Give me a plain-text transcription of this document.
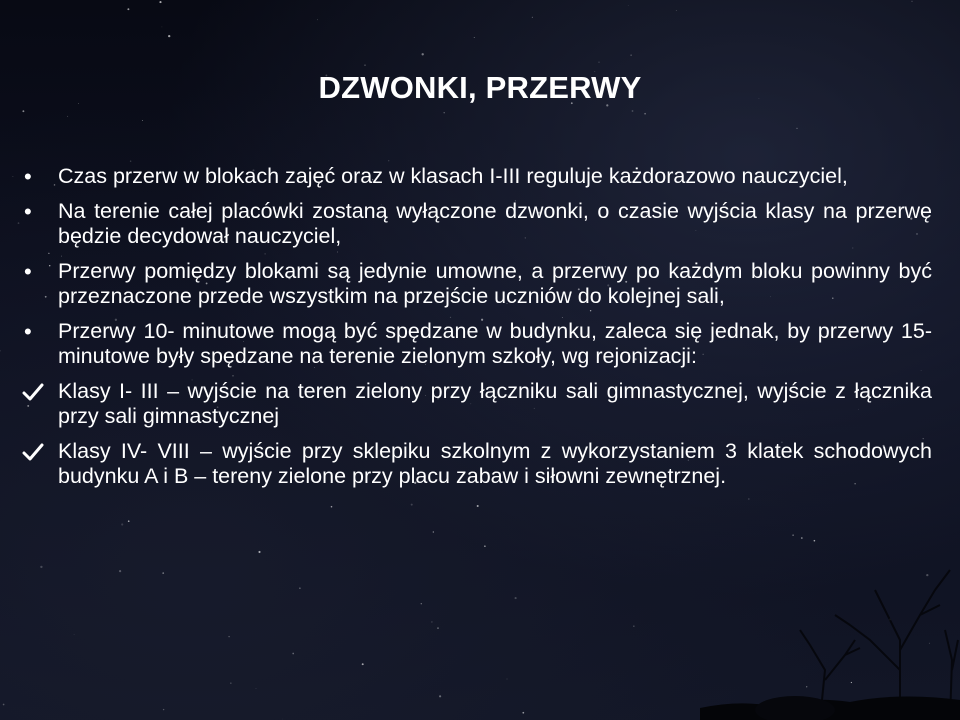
DZWONKI, PRZERWY
•	Czas przerw w blokach zajęć oraz w klasach I-III reguluje każdorazowo nauczyciel,
•	Na terenie całej placówki zostaną wyłączone dzwonki, o czasie wyjścia klasy na przerwę będzie decydował nauczyciel,
•	Przerwy pomiędzy blokami są jedynie umowne, a przerwy po każdym bloku powinny być przeznaczone przede wszystkim na przejście uczniów do kolejnej sali,
•	Przerwy 10- minutowe mogą być spędzane w budynku, zaleca się jednak, by przerwy 15- minutowe były spędzane na terenie zielonym szkoły, wg rejonizacji:
Klasy I- III – wyjście na teren zielony przy łączniku sali gimnastycznej, wyjście z łącznika przy sali gimnastycznej
Klasy IV- VIII – wyjście przy sklepiku szkolnym z wykorzystaniem 3 klatek schodowych budynku A i B – tereny zielone przy placu zabaw i siłowni zewnętrznej.
